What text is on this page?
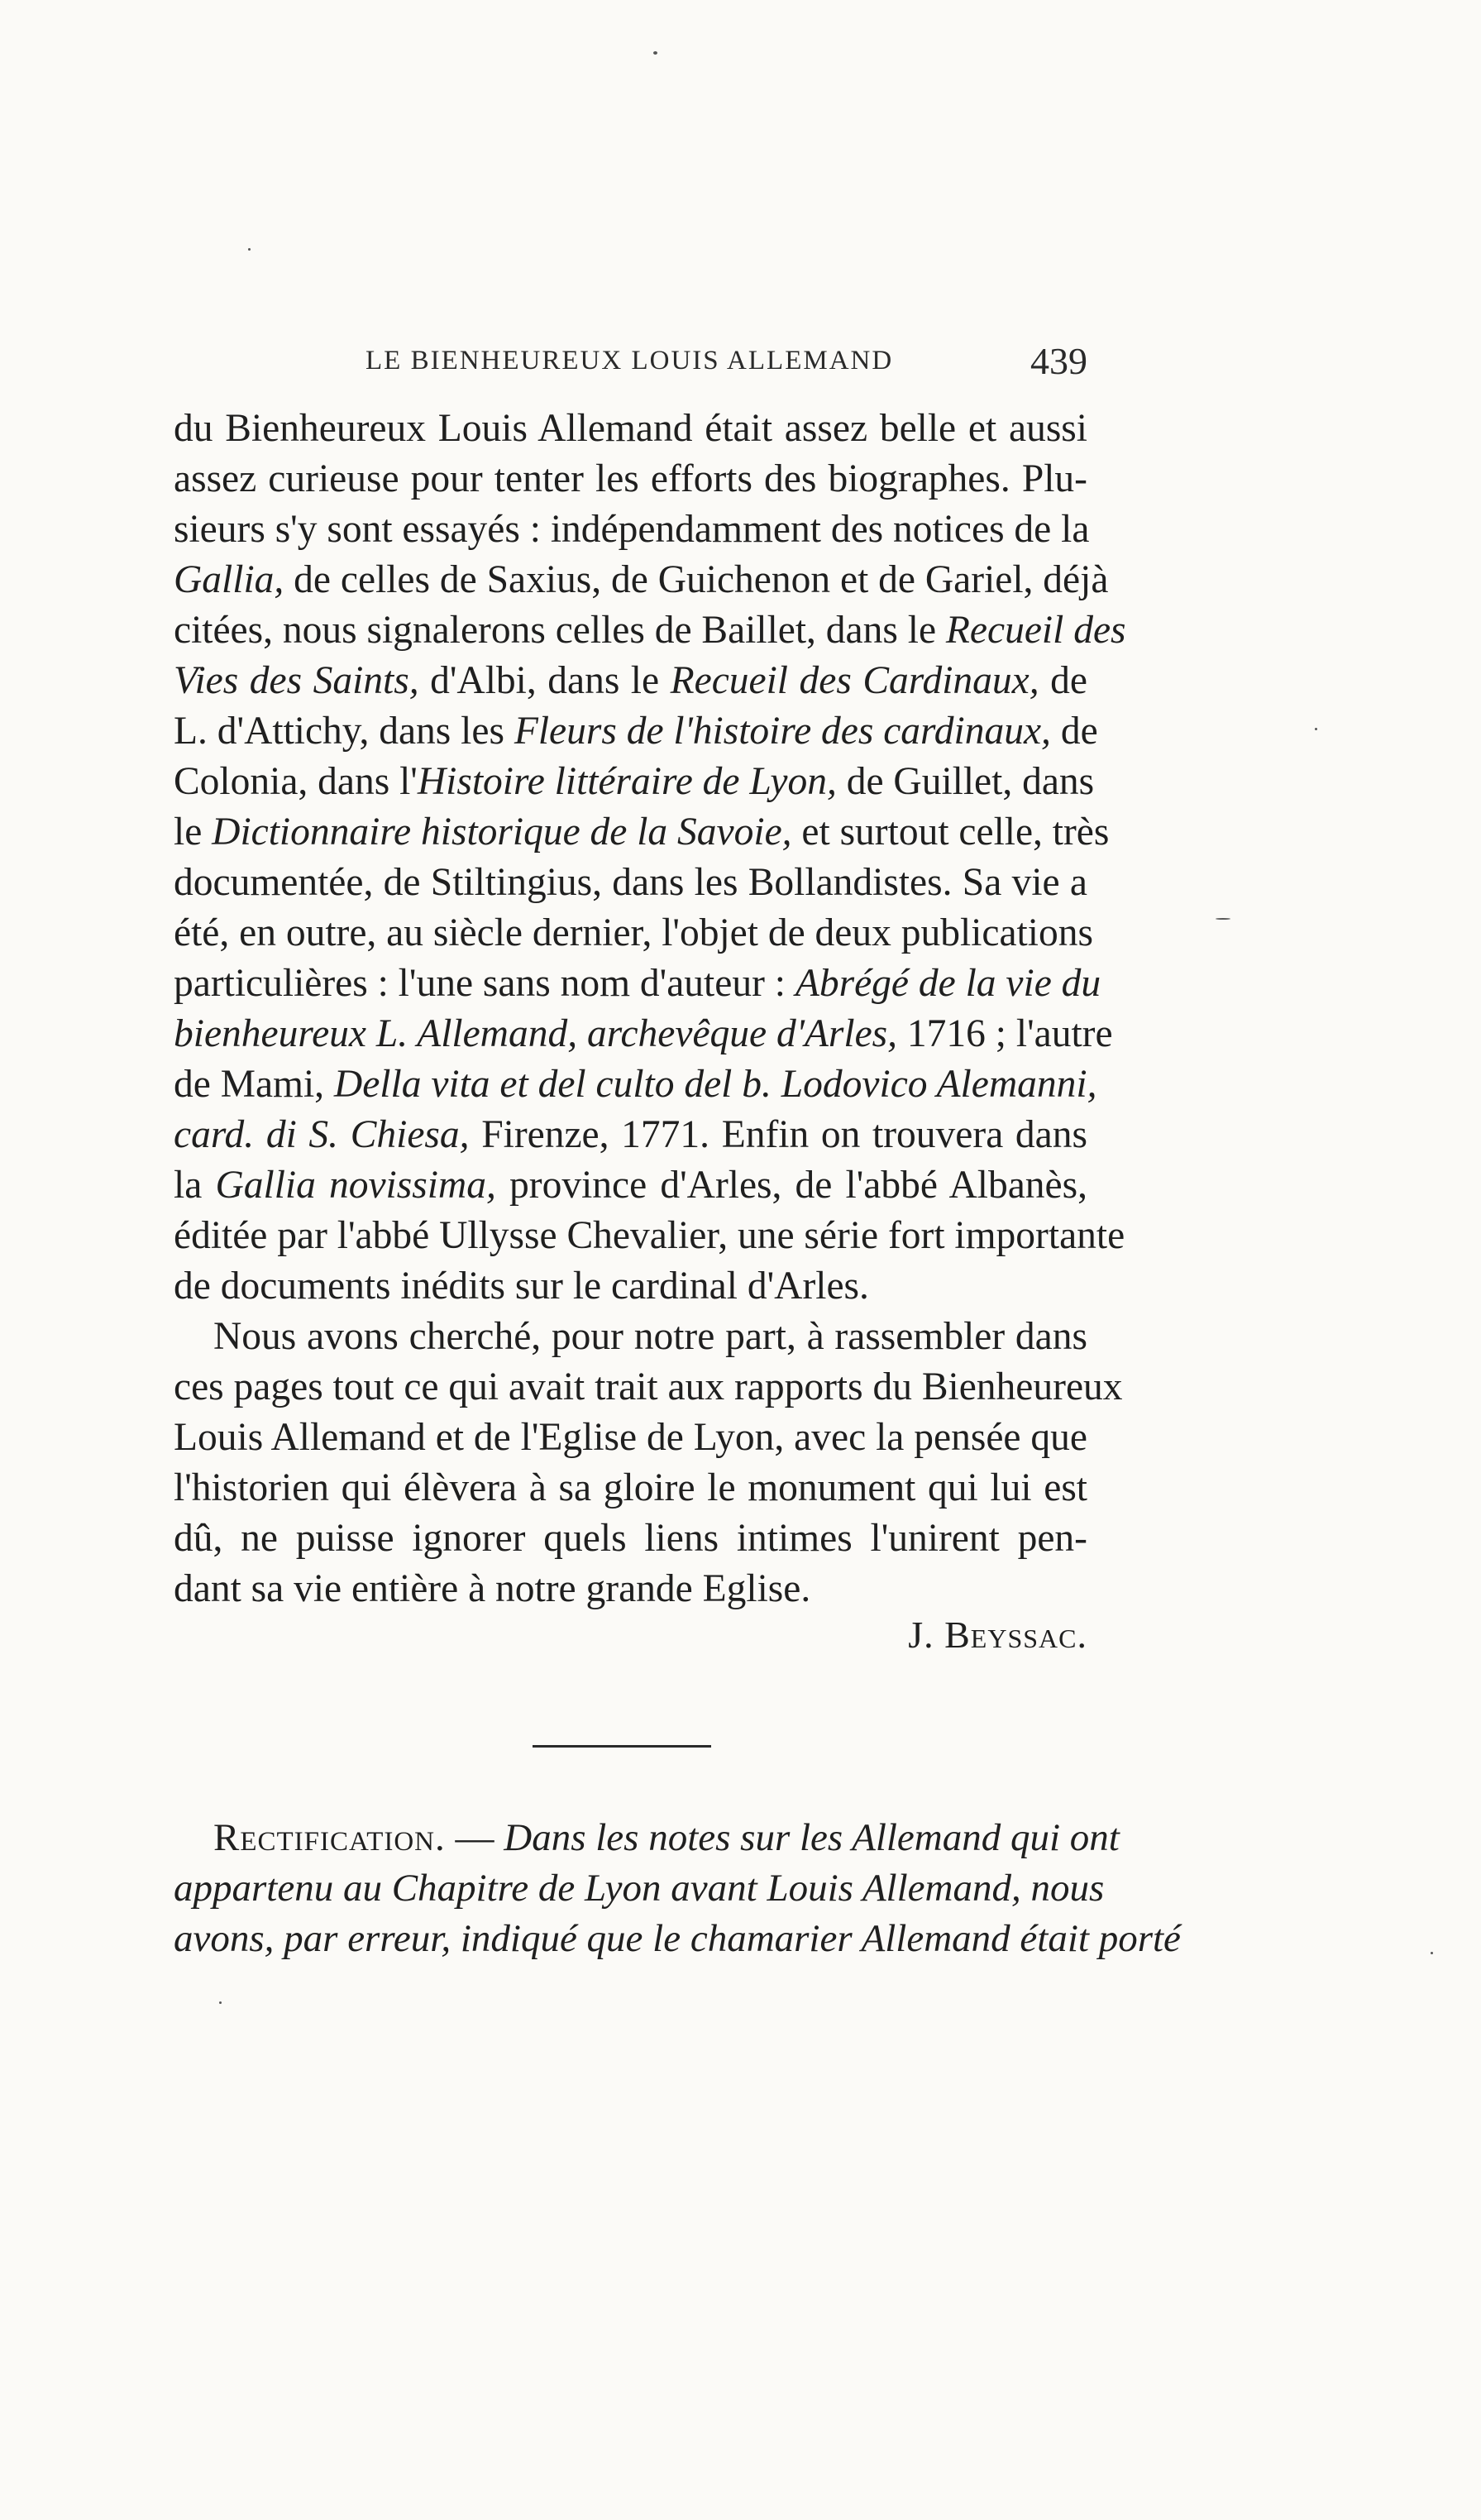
LE BIENHEUREUX LOUIS ALLEMAND	439

du Bienheureux Louis Allemand était assez belle et aussi
assez curieuse pour tenter les efforts des biographes. Plu-
sieurs s'y sont essayés : indépendamment des notices de la
Gallia, de celles de Saxius, de Guichenon et de Gariel, déjà
citées, nous signalerons celles de Baillet, dans le Recueil des
Vies des Saints, d'Albi, dans le Recueil des Cardinaux, de
L. d'Attichy, dans les Fleurs de l'histoire des cardinaux, de
Colonia, dans l'Histoire littéraire de Lyon, de Guillet, dans
le Dictionnaire historique de la Savoie, et surtout celle, très
documentée, de Stiltingius, dans les Bollandistes. Sa vie a
été, en outre, au siècle dernier, l'objet de deux publications
particulières : l'une sans nom d'auteur : Abrégé de la vie du
bienheureux L. Allemand, archevêque d'Arles, 1716 ; l'autre
de Mami, Della vita et del culto del b. Lodovico Alemanni,
card. di S. Chiesa, Firenze, 1771. Enfin on trouvera dans
la Gallia novissima, province d'Arles, de l'abbé Albanès,
éditée par l'abbé Ullysse Chevalier, une série fort importante
de documents inédits sur le cardinal d'Arles.

Nous avons cherché, pour notre part, à rassembler dans
ces pages tout ce qui avait trait aux rapports du Bienheureux
Louis Allemand et de l'Eglise de Lyon, avec la pensée que
l'historien qui élèvera à sa gloire le monument qui lui est
dû, ne puisse ignorer quels liens intimes l'unirent pen-
dant sa vie entière à notre grande Eglise.

J. Beyssac.
Rectification. — Dans les notes sur les Allemand qui ont
appartenu au Chapitre de Lyon avant Louis Allemand, nous
avons, par erreur, indiqué que le chamarier Allemand était porté
